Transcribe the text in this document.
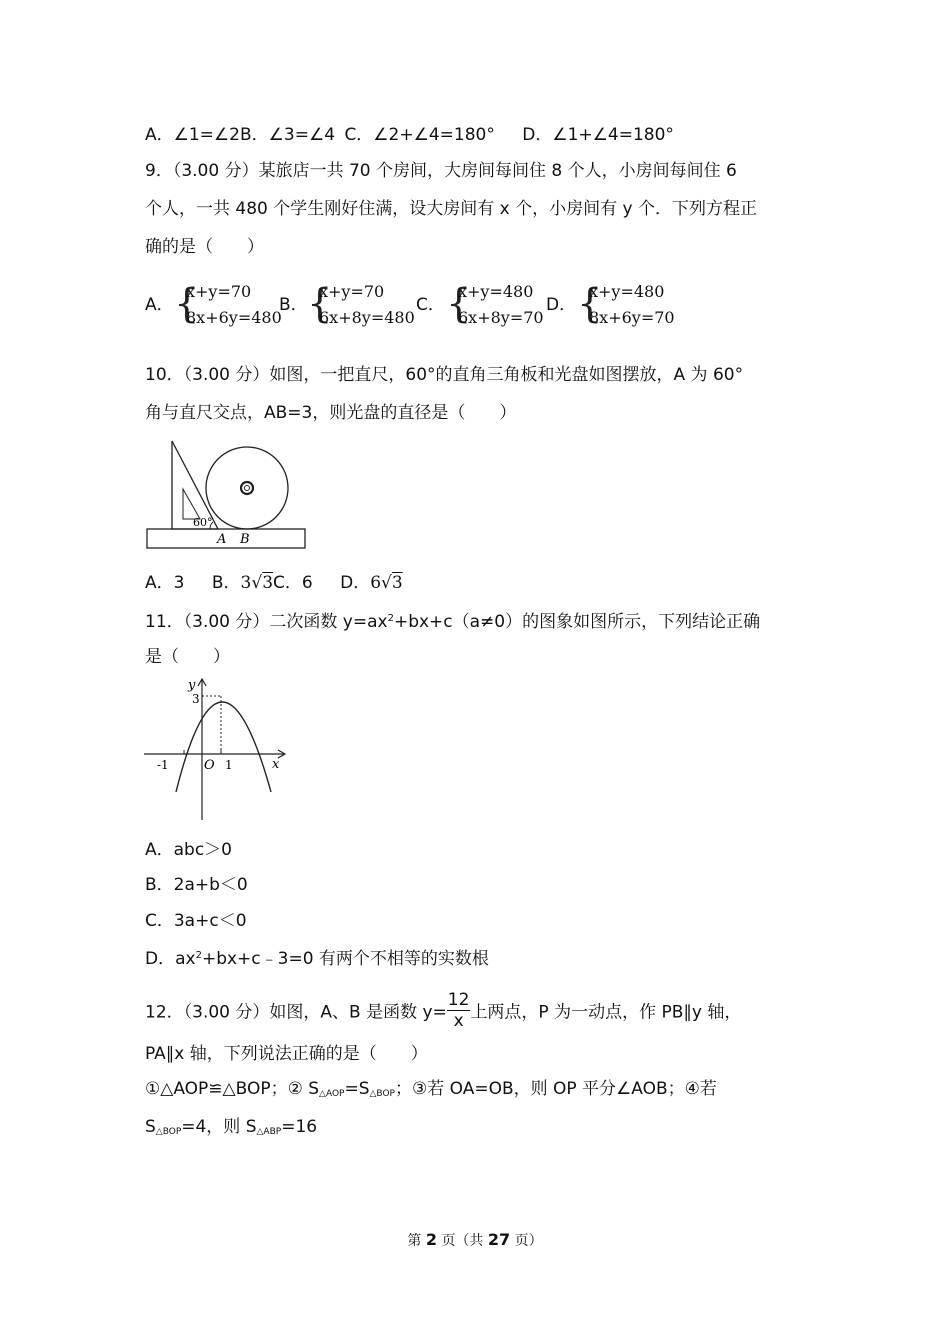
A．∠1=∠2B．∠3=∠4 C．∠2+∠4=180° D．∠1+∠4=180°
9．（3.00 分）某旅店一共 70 个房间，大房间每间住 8 个人，小房间每间住 6
个人，一共 480 个学生刚好住满，设大房间有 x 个，小房间有 y 个．下列方程正
确的是（　　）
A． {
x+y=70
8x+6y=480
B． {
x+y=70
6x+8y=480
C． {
x+y=480
6x+8y=70
D． {
x+y=480
8x+6y=70
10．（3.00 分）如图，一把直尺，60°的直角三角板和光盘如图摆放，A 为 60°
角与直尺交点，AB=3，则光盘的直径是（　　）
60°
A B
A．3 B．3√3C．6 D．6√3
11．（3.00 分）二次函数 $y=ax^2+bx+c(a\ne 0)$的图象如图所示，下列结论正确
是（　　）
y
3
x
-1	O 1
A．abc＞0
B．2a+b＜0
C．3a+c＜0
D．$ax^2+bx+c﹣3=0$ 有两个不相等的实数根
12．（3.00 分）如图，A、B 是函数 $y= \frac{12}{x}$ 上两点，P 为一动点，作 PB∥y 轴，
PA∥x 轴，下列说法正确的是（　　）
①△AOP≌△BOP；② $S_{\triangle AOP}=S_{\triangle BOP}$；③若 OA=OB，则 OP 平分∠AOB；④若
$S_{\triangle BOP}=4$，则 $S_{\triangle ABP}=16$
第 2 页（共 27 页）
